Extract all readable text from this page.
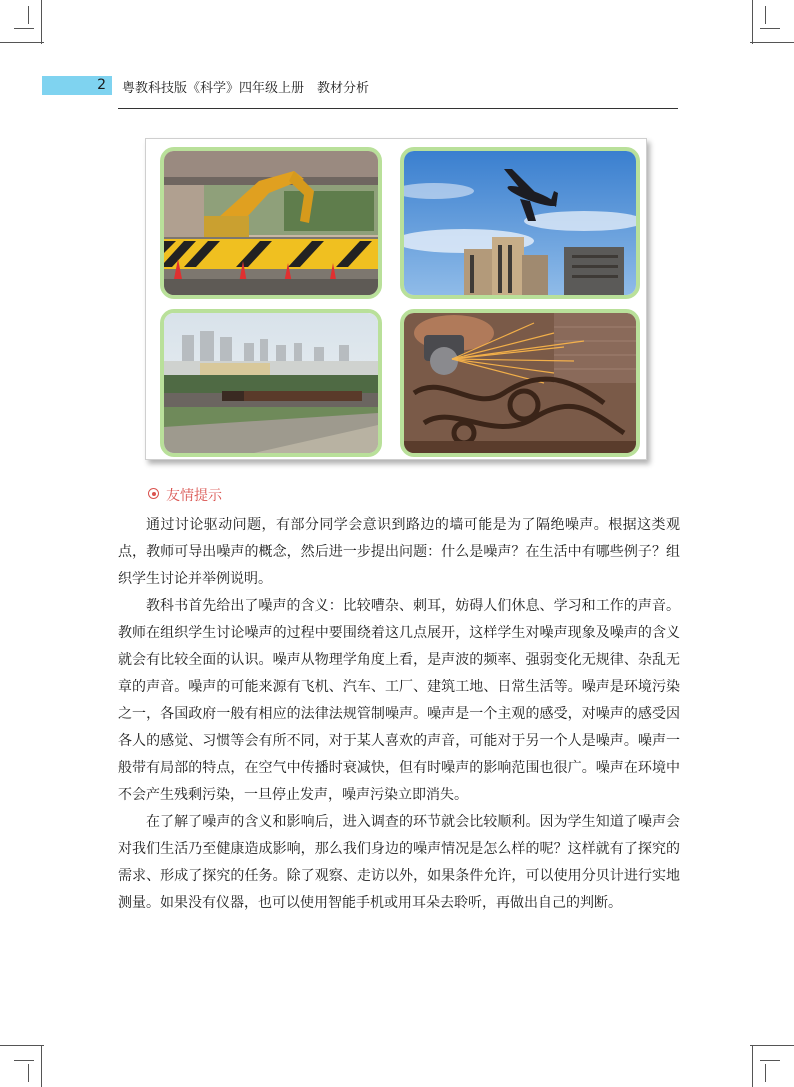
2 粤教科技版《科学》四年级上册　教材分析
友情提示

通过讨论驱动问题，有部分同学会意识到路边的墙可能是为了隔绝噪声。根据这类观点，教师可导出噪声的概念，然后进一步提出问题：什么是噪声？在生活中有哪些例子？组织学生讨论并举例说明。

教科书首先给出了噪声的含义：比较嘈杂、刺耳，妨碍人们休息、学习和工作的声音。教师在组织学生讨论噪声的过程中要围绕着这几点展开，这样学生对噪声现象及噪声的含义就会有比较全面的认识。噪声从物理学角度上看，是声波的频率、强弱变化无规律、杂乱无章的声音。噪声的可能来源有飞机、汽车、工厂、建筑工地、日常生活等。噪声是环境污染之一，各国政府一般有相应的法律法规管制噪声。噪声是一个主观的感受，对噪声的感受因各人的感觉、习惯等会有所不同，对于某人喜欢的声音，可能对于另一个人是噪声。噪声一般带有局部的特点，在空气中传播时衰减快，但有时噪声的影响范围也很广。噪声在环境中不会产生残剩污染，一旦停止发声，噪声污染立即消失。

在了解了噪声的含义和影响后，进入调查的环节就会比较顺利。因为学生知道了噪声会对我们生活乃至健康造成影响，那么我们身边的噪声情况是怎么样的呢？这样就有了探究的需求、形成了探究的任务。除了观察、走访以外，如果条件允许，可以使用分贝计进行实地测量。如果没有仪器，也可以使用智能手机或用耳朵去聆听，再做出自己的判断。
